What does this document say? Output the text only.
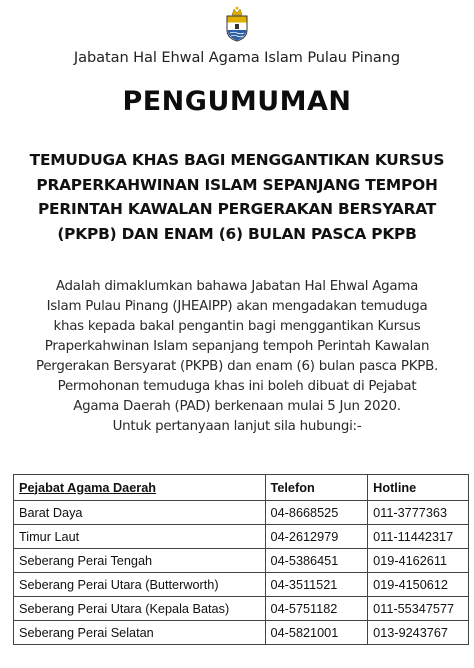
Jabatan Hal Ehwal Agama Islam Pulau Pinang
PENGUMUMAN
TEMUDUGA KHAS BAGI MENGGANTIKAN KURSUS
PRAPERKAHWINAN ISLAM SEPANJANG TEMPOH
PERINTAH KAWALAN PERGERAKAN BERSYARAT
(PKPB) DAN ENAM (6) BULAN PASCA PKPB
Adalah dimaklumkan bahawa Jabatan Hal Ehwal Agama
Islam Pulau Pinang (JHEAIPP) akan mengadakan temuduga
khas kepada bakal pengantin bagi menggantikan Kursus
Praperkahwinan Islam sepanjang tempoh Perintah Kawalan
Pergerakan Bersyarat (PKPB) dan enam (6) bulan pasca PKPB.
Permohonan temuduga khas ini boleh dibuat di Pejabat
Agama Daerah (PAD) berkenaan mulai 5 Jun 2020.
Untuk pertanyaan lanjut sila hubungi:-
Pejabat Agama Daerah	Telefon	Hotline
Barat Daya	04-8668525	011-3777363
Timur Laut	04-2612979	011-11442317
Seberang Perai Tengah	04-5386451	019-4162611
Seberang Perai Utara (Butterworth)	04-3511521	019-4150612
Seberang Perai Utara (Kepala Batas)	04-5751182	011-55347577
Seberang Perai Selatan	04-5821001	013-9243767
